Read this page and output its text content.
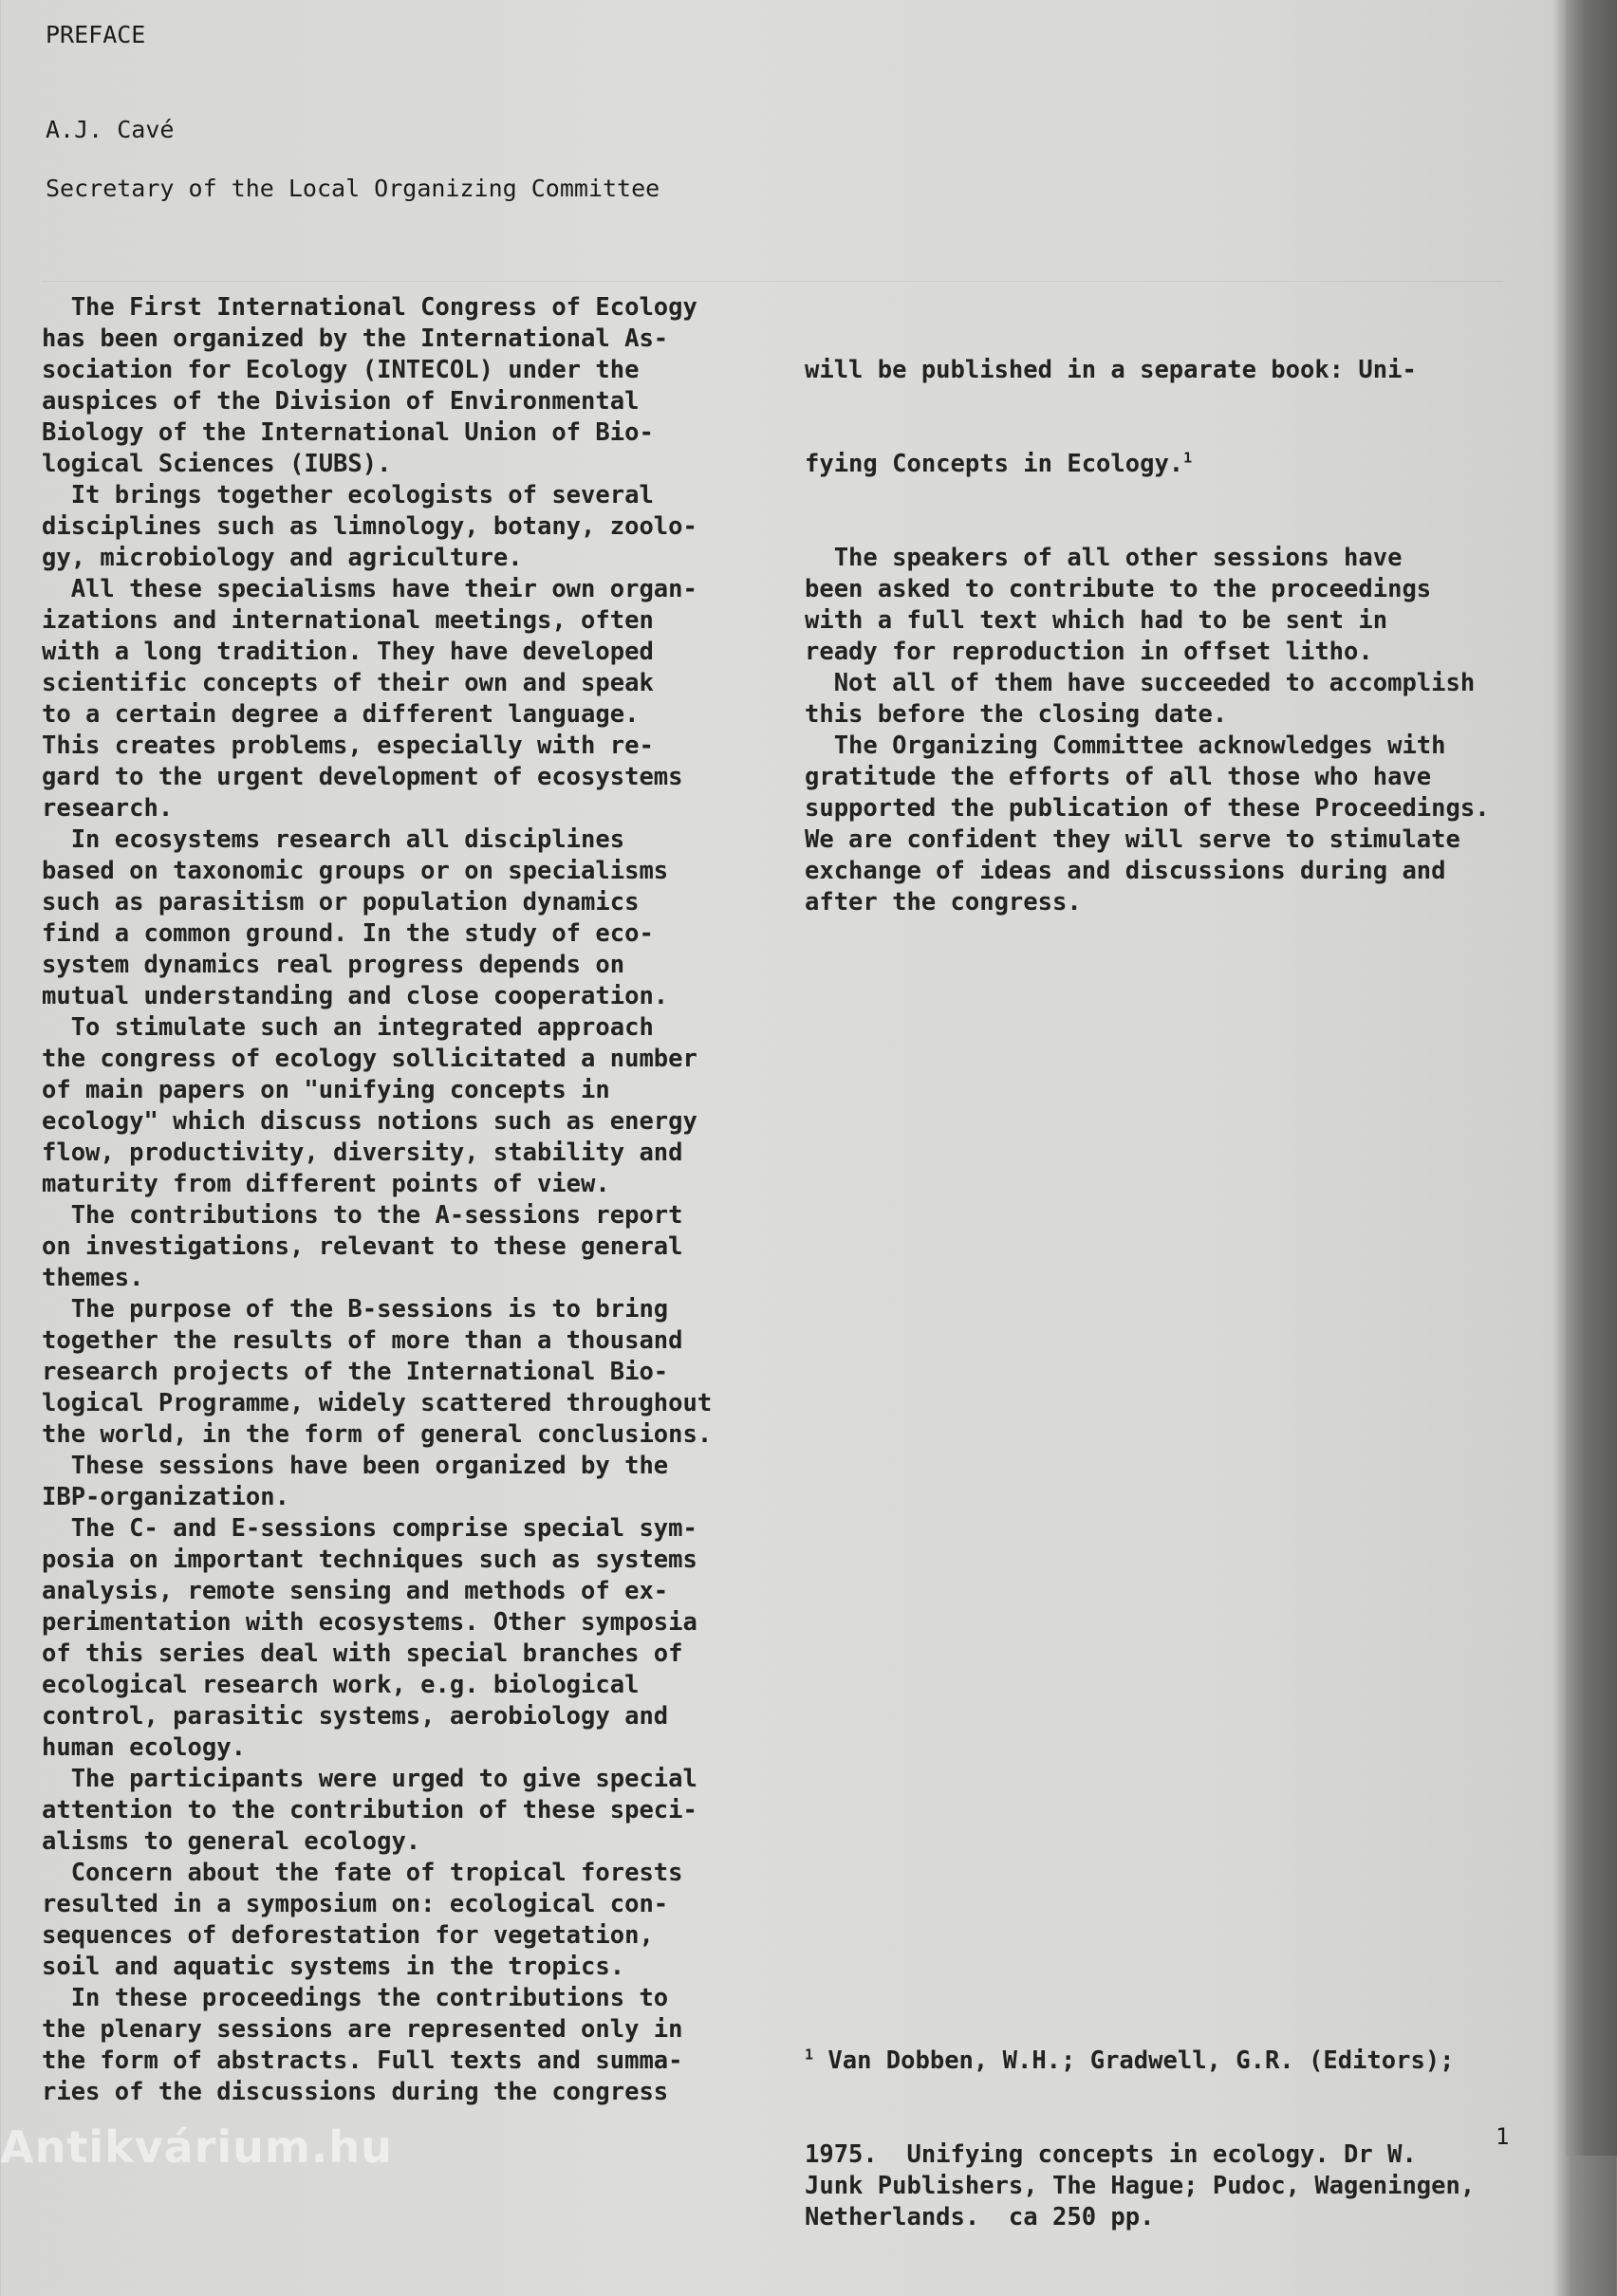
PREFACE
A.J. Cavé
Secretary of the Local Organizing Committee
The First International Congress of Ecology
has been organized by the International As-
sociation for Ecology (INTECOL) under the
auspices of the Division of Environmental
Biology of the International Union of Bio-
logical Sciences (IUBS).
It brings together ecologists of several
disciplines such as limnology, botany, zoolo-
gy, microbiology and agriculture.
All these specialisms have their own organ-
izations and international meetings, often
with a long tradition. They have developed
scientific concepts of their own and speak
to a certain degree a different language.
This creates problems, especially with re-
gard to the urgent development of ecosystems
research.
In ecosystems research all disciplines
based on taxonomic groups or on specialisms
such as parasitism or population dynamics
find a common ground. In the study of eco-
system dynamics real progress depends on
mutual understanding and close cooperation.
To stimulate such an integrated approach
the congress of ecology sollicitated a number
of main papers on "unifying concepts in
ecology" which discuss notions such as energy
flow, productivity, diversity, stability and
maturity from different points of view.
The contributions to the A-sessions report
on investigations, relevant to these general
themes.
The purpose of the B-sessions is to bring
together the results of more than a thousand
research projects of the International Bio-
logical Programme, widely scattered throughout
the world, in the form of general conclusions.
These sessions have been organized by the
IBP-organization.
The C- and E-sessions comprise special sym-
posia on important techniques such as systems
analysis, remote sensing and methods of ex-
perimentation with ecosystems. Other symposia
of this series deal with special branches of
ecological research work, e.g. biological
control, parasitic systems, aerobiology and
human ecology.
The participants were urged to give special
attention to the contribution of these speci-
alisms to general ecology.
Concern about the fate of tropical forests
resulted in a symposium on: ecological con-
sequences of deforestation for vegetation,
soil and aquatic systems in the tropics.
In these proceedings the contributions to
the plenary sessions are represented only in
the form of abstracts. Full texts and summa-
ries of the discussions during the congress

will be published in a separate book: Uni-

fying Concepts in Ecology.$^1$

The speakers of all other sessions have
been asked to contribute to the proceedings
with a full text which had to be sent in
ready for reproduction in offset litho.
Not all of them have succeeded to accomplish
this before the closing date.
The Organizing Committee acknowledges with
gratitude the efforts of all those who have
supported the publication of these Proceedings.
We are confident they will serve to stimulate
exchange of ideas and discussions during and
after the congress.

$^1$ Van Dobben, W.H.; Gradwell, G.R. (Editors);

1975.  Unifying concepts in ecology. Dr W.
Junk Publishers, The Hague; Pudoc, Wageningen,
Netherlands.  ca 250 pp.

1
Antikvárium.hu
